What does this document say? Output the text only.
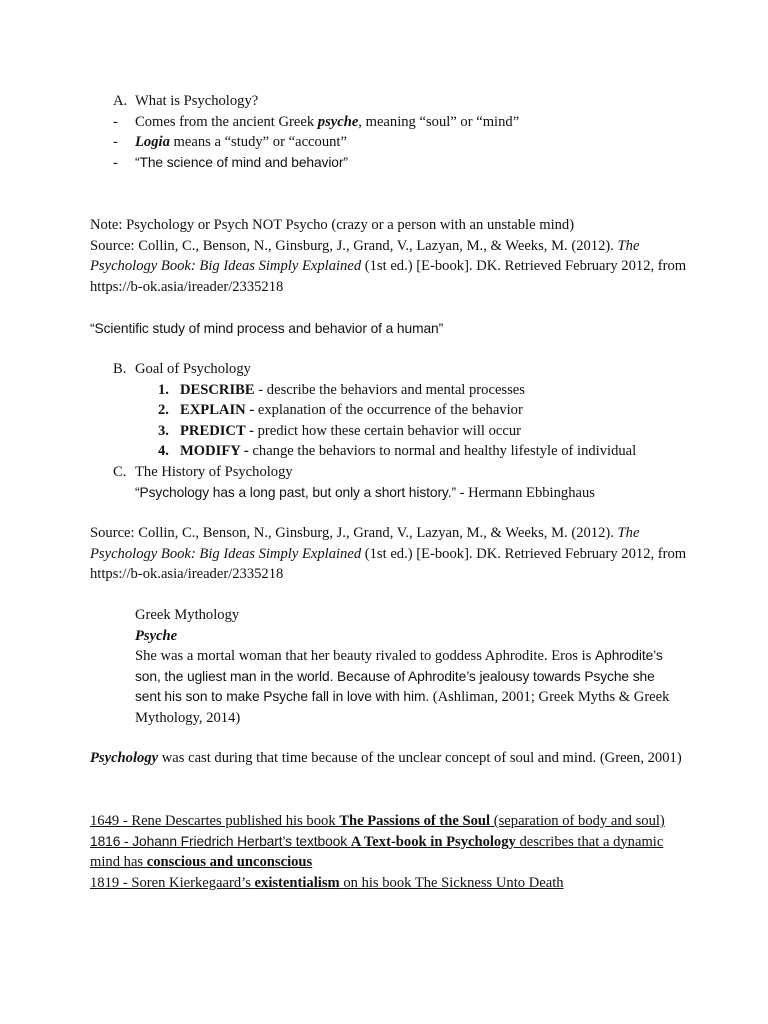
A. What is Psychology?
- Comes from the ancient Greek psyche, meaning “soul” or “mind”
- Logia means a “study” or “account”
- “The science of mind and behavior”
Note: Psychology or Psych NOT Psycho (crazy or a person with an unstable mind)
Source: Collin, C., Benson, N., Ginsburg, J., Grand, V., Lazyan, M., & Weeks, M. (2012). The Psychology Book: Big Ideas Simply Explained (1st ed.) [E-book]. DK. Retrieved February 2012, from https://b-ok.asia/ireader/2335218
“Scientific study of mind process and behavior of a human”
B. Goal of Psychology
1. DESCRIBE - describe the behaviors and mental processes
2. EXPLAIN - explanation of the occurrence of the behavior
3. PREDICT - predict how these certain behavior will occur
4. MODIFY - change the behaviors to normal and healthy lifestyle of individual
C. The History of Psychology
“Psychology has a long past, but only a short history.” - Hermann Ebbinghaus
Source: Collin, C., Benson, N., Ginsburg, J., Grand, V., Lazyan, M., & Weeks, M. (2012). The Psychology Book: Big Ideas Simply Explained (1st ed.) [E-book]. DK. Retrieved February 2012, from https://b-ok.asia/ireader/2335218
Greek Mythology
Psyche
She was a mortal woman that her beauty rivaled to goddess Aphrodite. Eros is Aphrodite’s son, the ugliest man in the world. Because of Aphrodite’s jealousy towards Psyche she sent his son to make Psyche fall in love with him. (Ashliman, 2001; Greek Myths & Greek Mythology, 2014)
Psychology was cast during that time because of the unclear concept of soul and mind. (Green, 2001)
1649 - Rene Descartes published his book The Passions of the Soul (separation of body and soul)
1816 - Johann Friedrich Herbart’s textbook A Text-book in Psychology describes that a dynamic mind has conscious and unconscious
1819 - Soren Kierkegaard’s existentialism on his book The Sickness Unto Death
